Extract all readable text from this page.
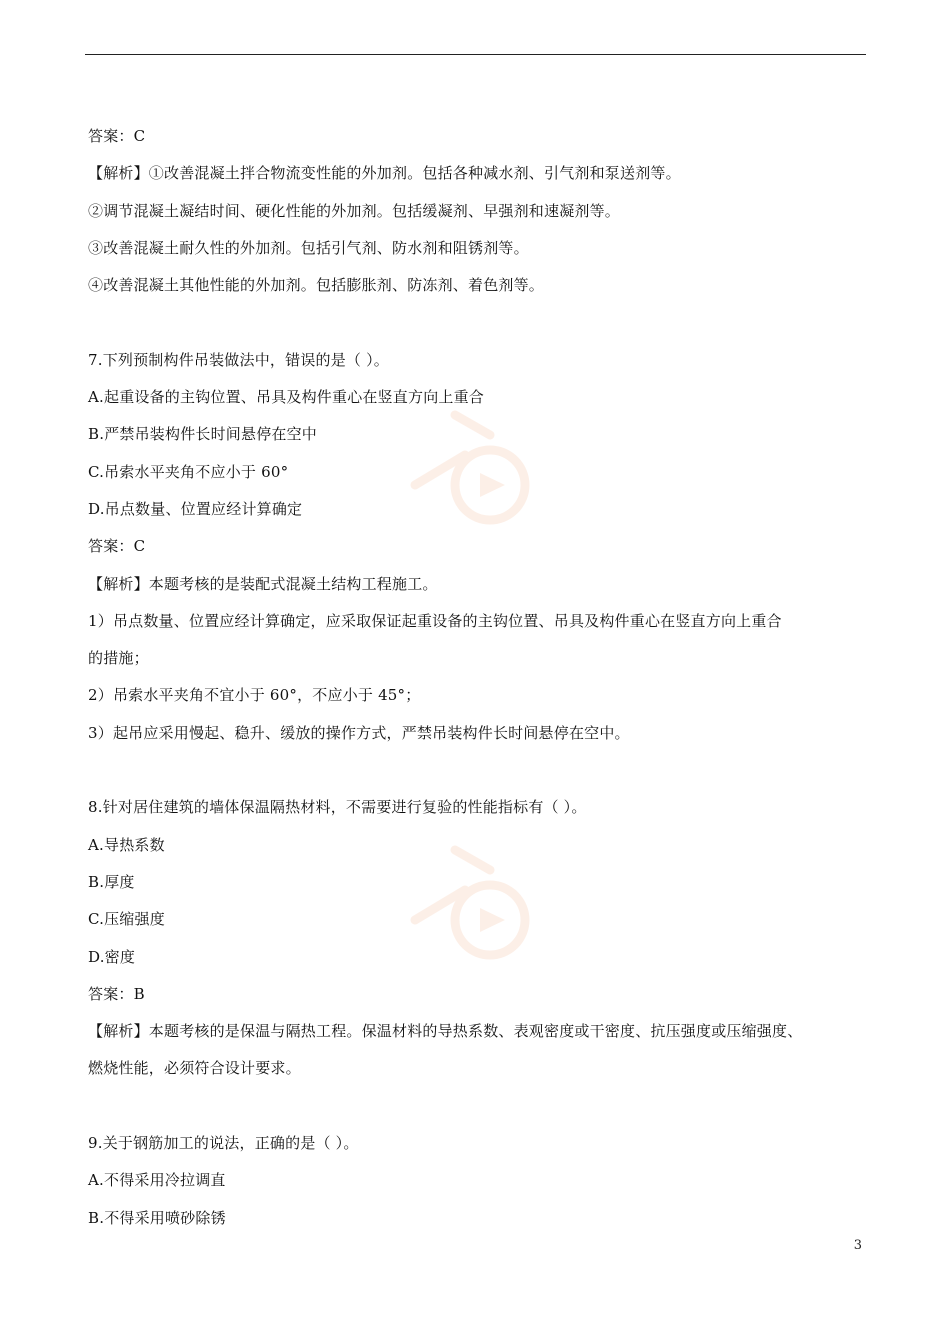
答案：C
【解析】①改善混凝土拌合物流变性能的外加剂。包括各种减水剂、引气剂和泵送剂等。
②调节混凝土凝结时间、硬化性能的外加剂。包括缓凝剂、早强剂和速凝剂等。
③改善混凝土耐久性的外加剂。包括引气剂、防水剂和阻锈剂等。
④改善混凝土其他性能的外加剂。包括膨胀剂、防冻剂、着色剂等。
7.下列预制构件吊装做法中，错误的是（ ）。
A.起重设备的主钩位置、吊具及构件重心在竖直方向上重合
B.严禁吊装构件长时间悬停在空中
C.吊索水平夹角不应小于 60°
D.吊点数量、位置应经计算确定
答案：C
【解析】本题考核的是装配式混凝土结构工程施工。
1）吊点数量、位置应经计算确定，应采取保证起重设备的主钩位置、吊具及构件重心在竖直方向上重合
的措施；
2）吊索水平夹角不宜小于 60°，不应小于 45°；
3）起吊应采用慢起、稳升、缓放的操作方式，严禁吊装构件长时间悬停在空中。
8.针对居住建筑的墙体保温隔热材料，不需要进行复验的性能指标有（ ）。
A.导热系数
B.厚度
C.压缩强度
D.密度
答案：B
【解析】本题考核的是保温与隔热工程。保温材料的导热系数、表观密度或干密度、抗压强度或压缩强度、
燃烧性能，必须符合设计要求。
9.关于钢筋加工的说法，正确的是（ ）。
A.不得采用冷拉调直
B.不得采用喷砂除锈
3
